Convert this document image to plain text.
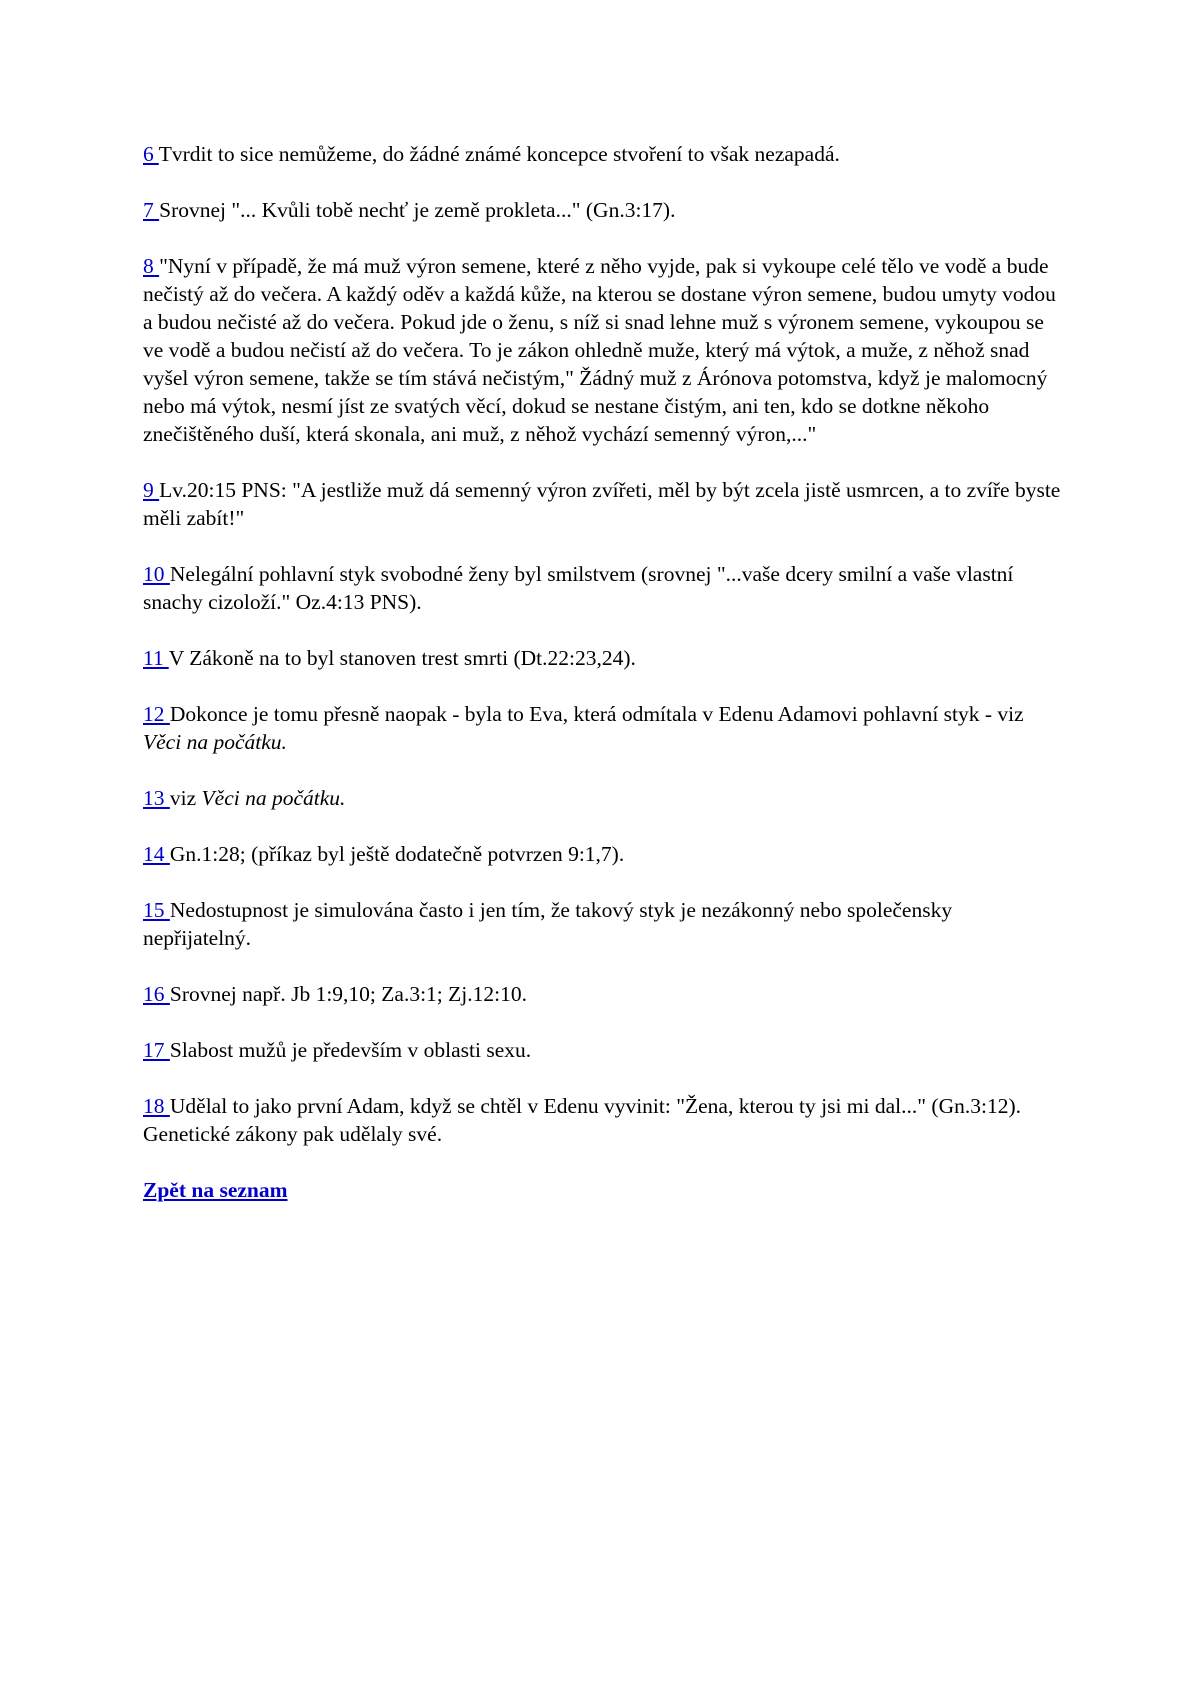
6 Tvrdit to sice nemůžeme, do žádné známé koncepce stvoření to však nezapadá.

7 Srovnej "... Kvůli tobě nechť je země prokleta..." (Gn.3:17).

8 "Nyní v případě, že má muž výron semene, které z něho vyjde, pak si vykoupe celé tělo ve vodě a bude nečistý až do večera. A každý oděv a každá kůže, na kterou se dostane výron semene, budou umyty vodou a budou nečisté až do večera. Pokud jde o ženu, s níž si snad lehne muž s výronem semene, vykoupou se ve vodě a budou nečistí až do večera. To je zákon ohledně muže, který má výtok, a muže, z něhož snad vyšel výron semene, takže se tím stává nečistým," Žádný muž z Árónova potomstva, když je malomocný nebo má výtok, nesmí jíst ze svatých věcí, dokud se nestane čistým, ani ten, kdo se dotkne někoho znečištěného duší, která skonala, ani muž, z něhož vychází semenný výron,..."

9 Lv.20:15 PNS: "A jestliže muž dá semenný výron zvířeti, měl by být zcela jistě usmrcen, a to zvíře byste měli zabít!"

10 Nelegální pohlavní styk svobodné ženy byl smilstvem (srovnej "...vaše dcery smilní a vaše vlastní snachy cizoloží." Oz.4:13 PNS).

11 V Zákoně na to byl stanoven trest smrti (Dt.22:23,24).

12 Dokonce je tomu přesně naopak - byla to Eva, která odmítala v Edenu Adamovi pohlavní styk - viz Věci na počátku.

13 viz Věci na počátku.

14 Gn.1:28; (příkaz byl ještě dodatečně potvrzen 9:1,7).

15 Nedostupnost je simulována často i jen tím, že takový styk je nezákonný nebo společensky nepřijatelný.

16 Srovnej např. Jb 1:9,10; Za.3:1; Zj.12:10.

17 Slabost mužů je především v oblasti sexu.

18 Udělal to jako první Adam, když se chtěl v Edenu vyvinit: "Žena, kterou ty jsi mi dal..." (Gn.3:12). Genetické zákony pak udělaly své.

Zpět na seznam
